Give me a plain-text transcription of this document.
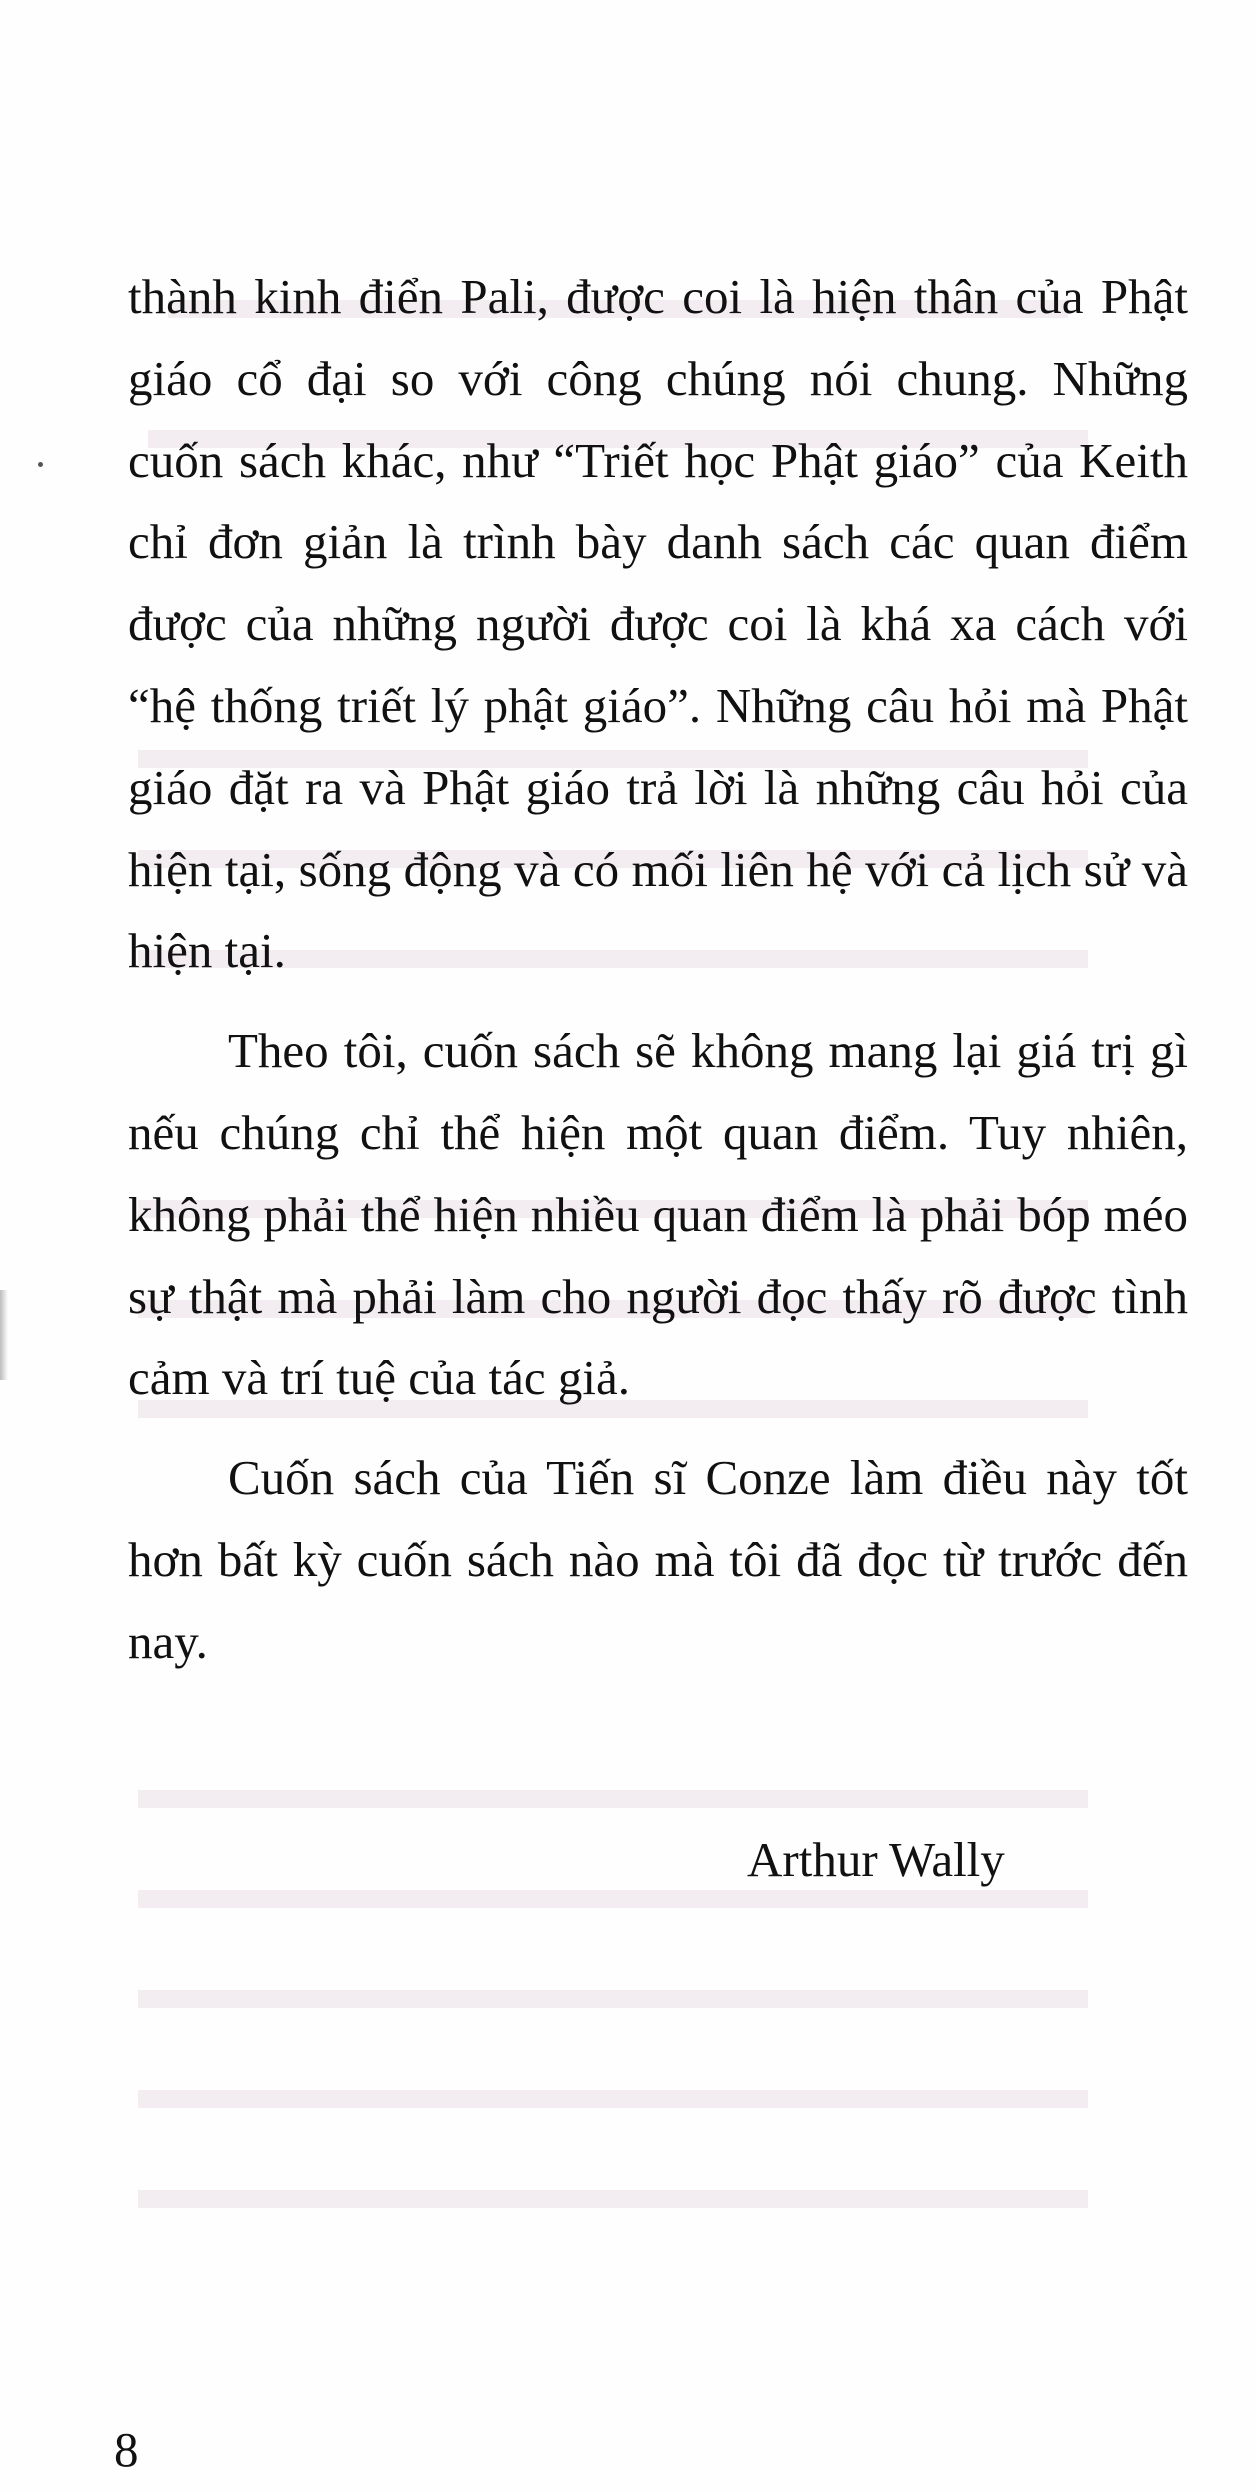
thành kinh điển Pali, được coi là hiện thân của Phật giáo cổ đại so với công chúng nói chung. Những cuốn sách khác, như “Triết học Phật giáo” của Keith chỉ đơn giản là trình bày danh sách các quan điểm được của những người được coi là khá xa cách với “hệ thống triết lý phật giáo”. Những câu hỏi mà Phật giáo đặt ra và Phật giáo trả lời là những câu hỏi của hiện tại, sống động và có mối liên hệ với cả lịch sử và hiện tại.

Theo tôi, cuốn sách sẽ không mang lại giá trị gì nếu chúng chỉ thể hiện một quan điểm. Tuy nhiên, không phải thể hiện nhiều quan điểm là phải bóp méo sự thật mà phải làm cho người đọc thấy rõ được tình cảm và trí tuệ của tác giả.

Cuốn sách của Tiến sĩ Conze làm điều này tốt hơn bất kỳ cuốn sách nào mà tôi đã đọc từ trước đến nay.

Arthur Wally
8
